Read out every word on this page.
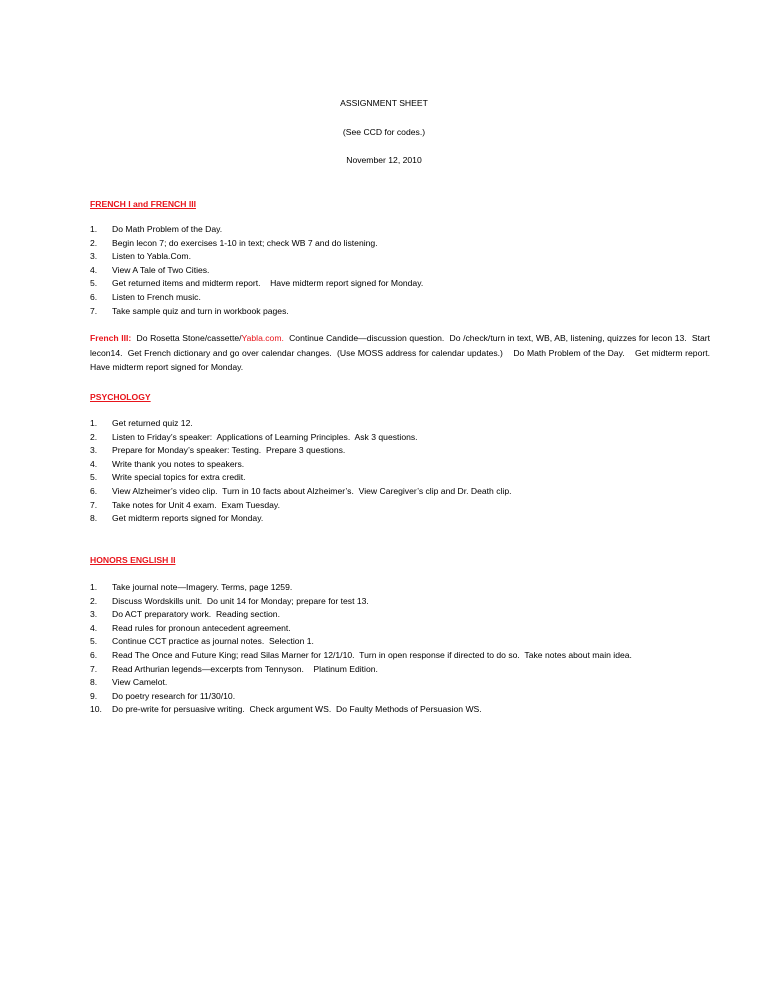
ASSIGNMENT SHEET
(See CCD for codes.)
November 12, 2010
FRENCH I and FRENCH III
1. Do Math Problem of the Day.
2. Begin lecon 7; do exercises 1-10 in text; check WB 7 and do listening.
3. Listen to Yabla.Com.
4. View A Tale of Two Cities.
5. Get returned items and midterm report.    Have midterm report signed for Monday.
6. Listen to French music.
7. Take sample quiz and turn in workbook pages.
French III:  Do Rosetta Stone/cassette/Yabla.com.  Continue Candide—discussion question.  Do /check/turn in text, WB, AB, listening, quizzes for lecon 13.  Start lecon14.  Get French dictionary and go over calendar changes.  (Use MOSS address for calendar updates.)    Do Math Problem of the Day.    Get midterm report.    Have midterm report signed for Monday.
PSYCHOLOGY
1. Get returned quiz 12.
2. Listen to Friday’s speaker:  Applications of Learning Principles.  Ask 3 questions.
3. Prepare for Monday’s speaker: Testing.  Prepare 3 questions.
4. Write thank you notes to speakers.
5. Write special topics for extra credit.
6. View Alzheimer’s video clip.  Turn in 10 facts about Alzheimer’s.  View Caregiver’s clip and Dr. Death clip.
7. Take notes for Unit 4 exam.  Exam Tuesday.
8. Get midterm reports signed for Monday.
HONORS ENGLISH II
1. Take journal note—Imagery. Terms, page 1259.
2. Discuss Wordskills unit.  Do unit 14 for Monday; prepare for test 13.
3. Do ACT preparatory work.  Reading section.
4. Read rules for pronoun antecedent agreement.
5. Continue CCT practice as journal notes.  Selection 1.
6. Read The Once and Future King; read Silas Marner for 12/1/10.  Turn in open response if directed to do so.  Take notes about main idea.
7. Read Arthurian legends—excerpts from Tennyson.    Platinum Edition.
8. View Camelot.
9. Do poetry research for 11/30/10.
10. Do pre-write for persuasive writing.  Check argument WS.  Do Faulty Methods of Persuasion WS.
